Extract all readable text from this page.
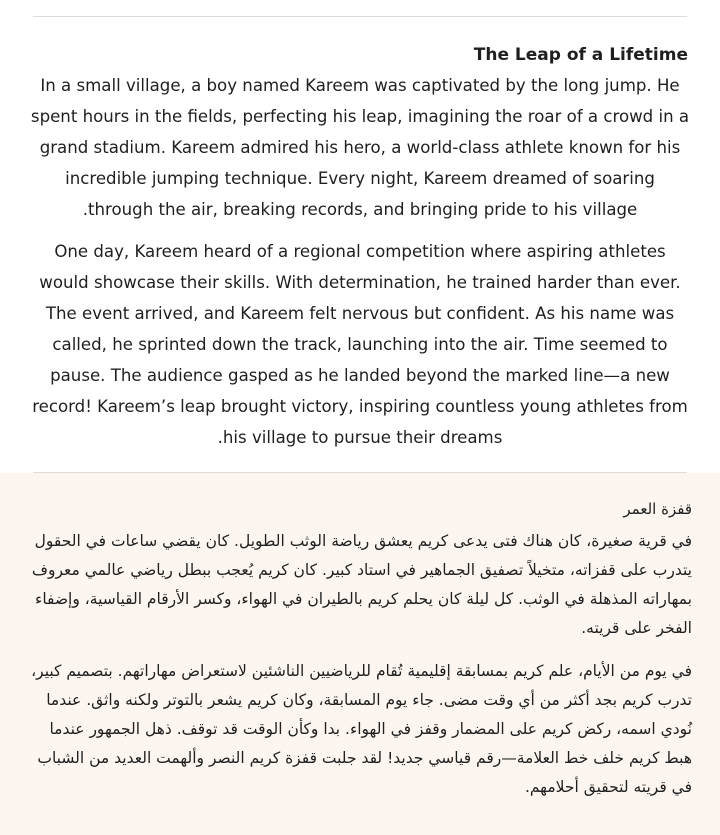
The Leap of a Lifetime

In a small village, a boy named Kareem was captivated by the long jump. He spent hours in the fields, perfecting his leap, imagining the roar of a crowd in a grand stadium. Kareem admired his hero, a world-class athlete known for his incredible jumping technique. Every night, Kareem dreamed of soaring through the air, breaking records, and bringing pride to his village.

One day, Kareem heard of a regional competition where aspiring athletes would showcase their skills. With determination, he trained harder than ever. The event arrived, and Kareem felt nervous but confident. As his name was called, he sprinted down the track, launching into the air. Time seemed to pause. The audience gasped as he landed beyond the marked line—a new record! Kareem’s leap brought victory, inspiring countless young athletes from his village to pursue their dreams.

قفزة العمر

في قرية صغيرة، كان هناك فتى يدعى كريم يعشق رياضة الوثب الطويل. كان يقضي ساعات في الحقول يتدرب على قفزاته، متخيلاً تصفيق الجماهير في استاد كبير. كان كريم يُعجب ببطل رياضي عالمي معروف بمهاراته المذهلة في الوثب. كل ليلة كان يحلم كريم بالطيران في الهواء، وكسر الأرقام القياسية، وإضفاء الفخر على قريته.

في يوم من الأيام، علم كريم بمسابقة إقليمية تُقام للرياضيين الناشئين لاستعراض مهاراتهم. بتصميم كبير، تدرب كريم بجد أكثر من أي وقت مضى. جاء يوم المسابقة، وكان كريم يشعر بالتوتر ولكنه واثق. عندما نُودي اسمه، ركض كريم على المضمار وقفز في الهواء. بدا وكأن الوقت قد توقف. ذهل الجمهور عندما هبط كريم خلف خط العلامة—رقم قياسي جديد! لقد جلبت قفزة كريم النصر وألهمت العديد من الشباب في قريته لتحقيق أحلامهم.
